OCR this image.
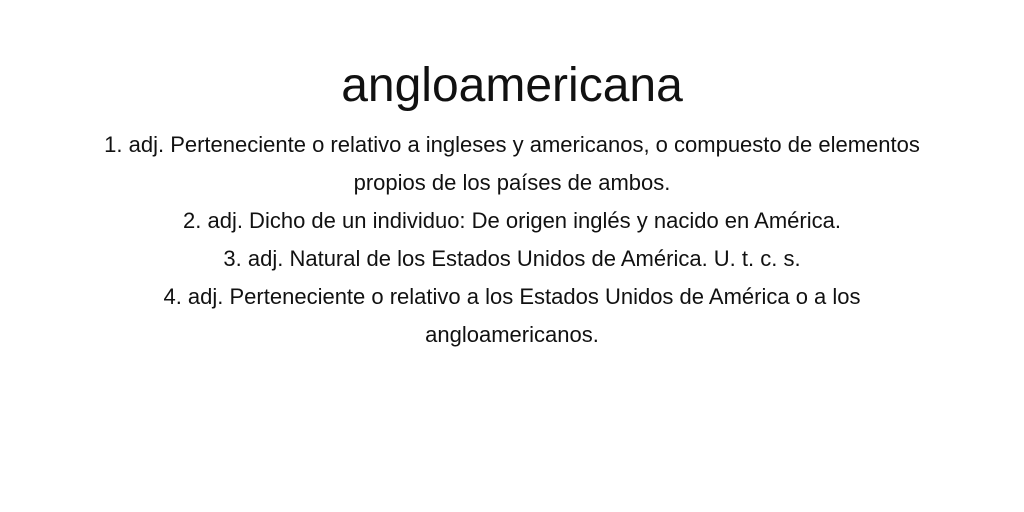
angloamericana
1. adj. Perteneciente o relativo a ingleses y americanos, o compuesto de elementos propios de los países de ambos.
2. adj. Dicho de un individuo: De origen inglés y nacido en América.
3. adj. Natural de los Estados Unidos de América. U. t. c. s.
4. adj. Perteneciente o relativo a los Estados Unidos de América o a los angloamericanos.
